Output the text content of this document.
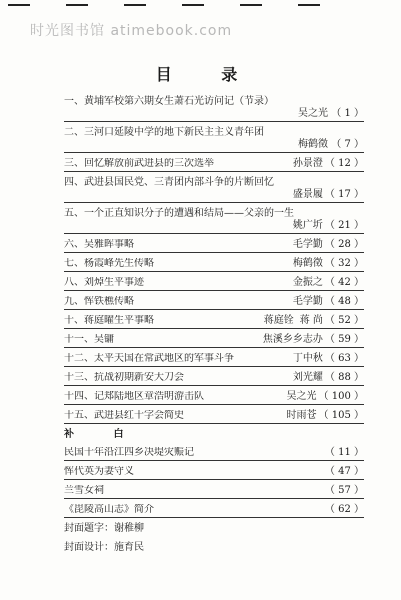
时光图书馆 atimebook.com
目 录
一、黄埔军校第六期女生萧石光访问记（节录）
吴之光 （ 1 ）
二、三河口延陵中学的地下新民主主义青年团
梅鹤徵 （ 7 ）
三、回忆解放前武进县的三次选举	孙景澄 （ 12 ）
四、武进县国民党、三青团内部斗争的片断回忆
盛景履 （ 17 ）
五、一个正直知识分子的遭遇和结局——父亲的一生
姚广圻 （ 21 ）
六、吴雅晖事略	毛学勤 （ 28 ）
七、杨霞峰先生传略	梅鹤徵 （ 32 ）
八、刘焯生平事迹	金振之 （ 42 ）
九、恽铁樵传略	毛学勤 （ 48 ）
十、蒋庭曜生平事略	蒋庭铨 蒋 尚 （ 52 ）
十一、吴镛	焦溪乡乡志办 （ 59 ）
十二、太平天国在常武地区的军事斗争	丁中秋 （ 63 ）
十三、抗战初期新安大刀会	刘光耀 （ 88 ）
十四、记郑陆地区章浩明游击队	吴之光 （ 100 ）
十五、武进县红十字会简史	时雨苍 （ 105 ）
补 白
民国十年沿江四乡决堤灾赈记	（ 11 ）
恽代英为妻守义	（ 47 ）
兰雪女祠	（ 57 ）
《毘陵高山志》简介	（ 62 ）
封面题字：谢稚柳
封面设计：施育民
